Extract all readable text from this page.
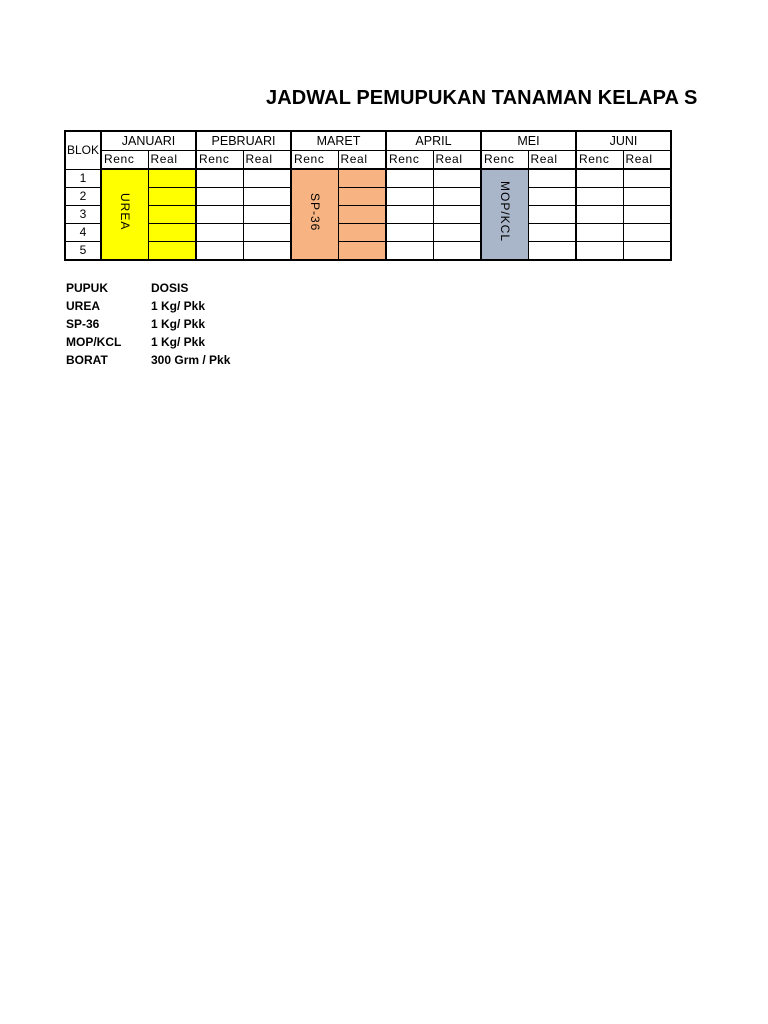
JADWAL PEMUPUKAN TANAMAN KELAPA S
BLOK	JANUARI		PEBRUARI		MARET		APRIL		MEI		JUNI	
	Renc	Real	Renc	Real	Renc	Real	Renc	Real	Renc	Real	Renc	Real
1	UREA				SP-36				MOP/KCL			
2												
3												
4												
5												
PUPUK	DOSIS
UREA	1 Kg/ Pkk
SP-36	1 Kg/ Pkk
MOP/KCL 1 Kg/ Pkk
BORAT	300 Grm / Pkk
